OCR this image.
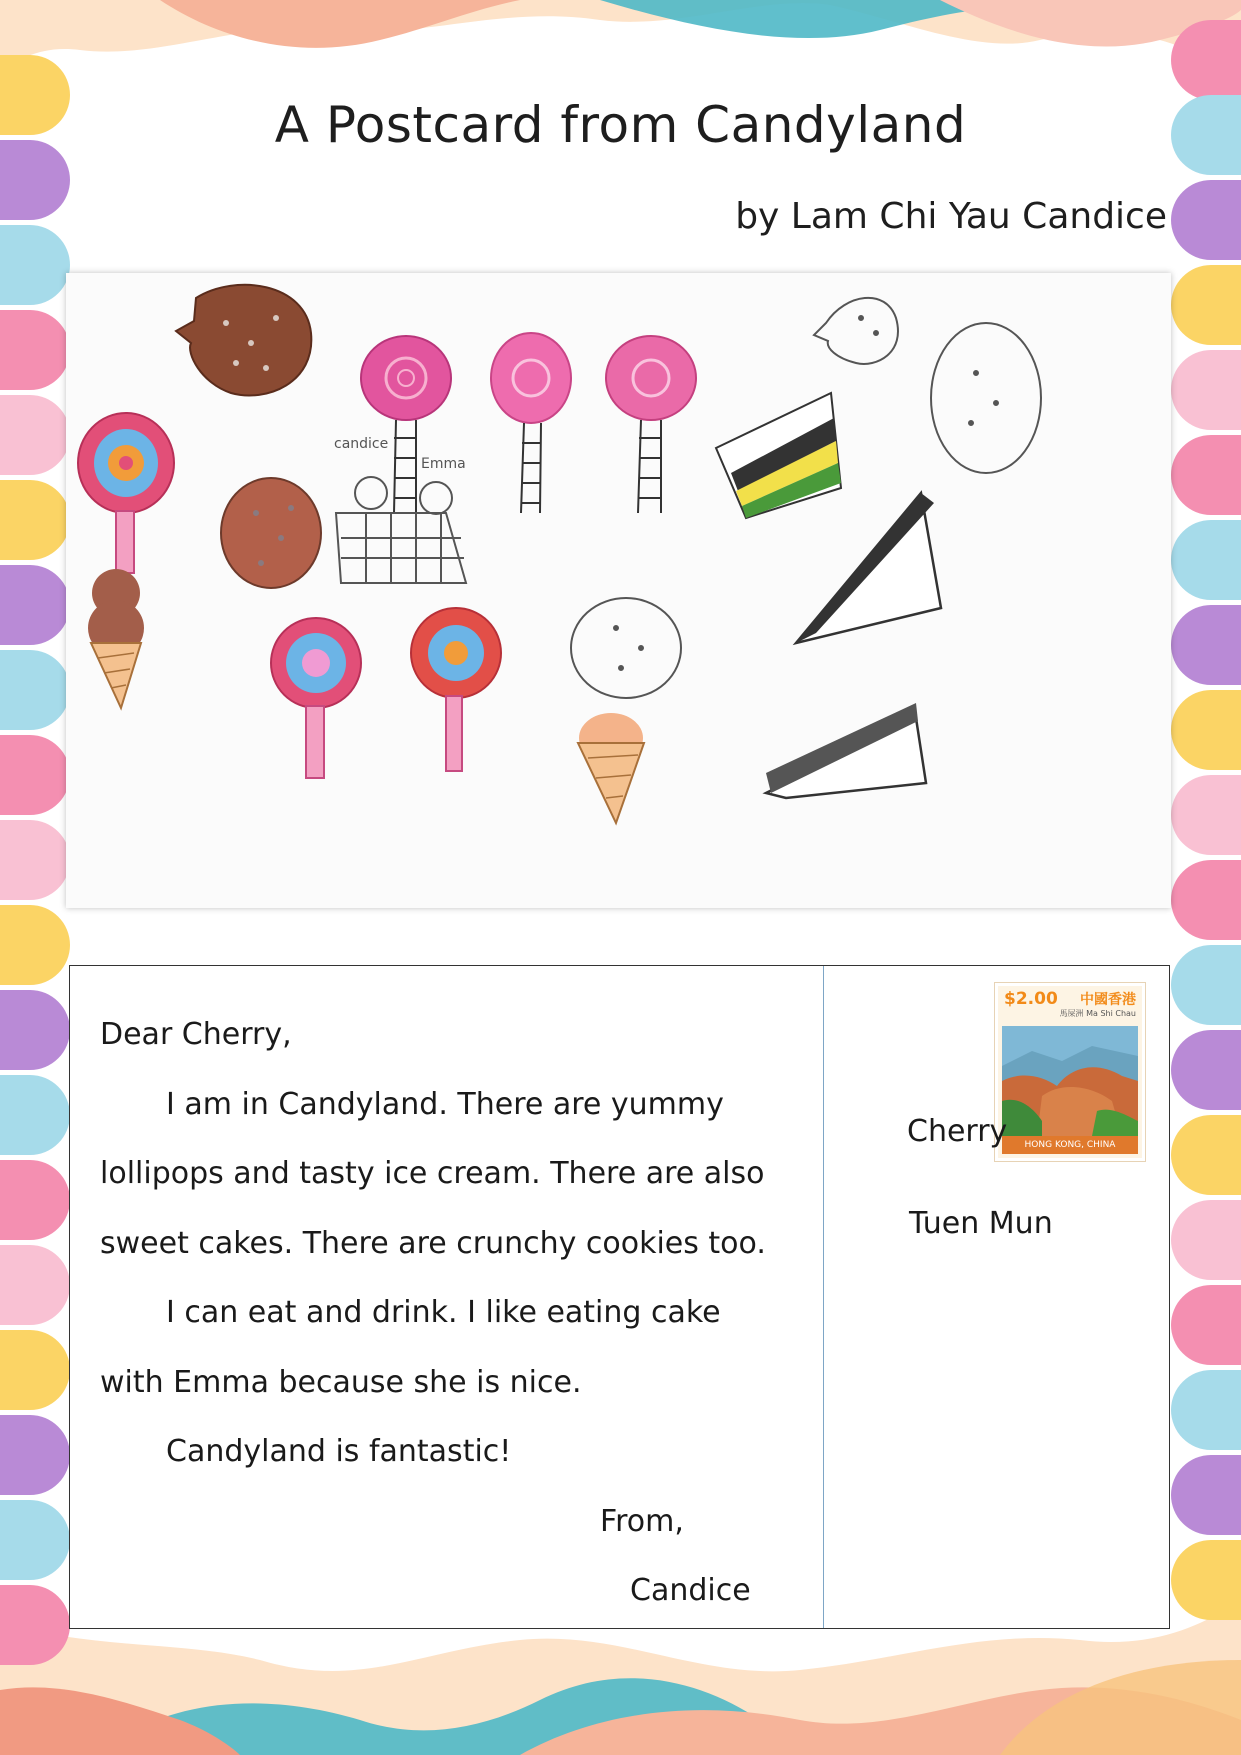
A Postcard from Candyland
by Lam Chi Yau Candice
candice
Emma
Dear Cherry,
I am in Candyland. There are yummy
lollipops and tasty ice cream. There are also
sweet cakes. There are crunchy cookies too.
I can eat and drink. I like eating cake
with Emma because she is nice.
Candyland is fantastic!
From,
Candice
$2.00 中國香港
馬屎洲 Ma Shi Chau
HONG KONG, CHINA
Cherry
Tuen Mun
